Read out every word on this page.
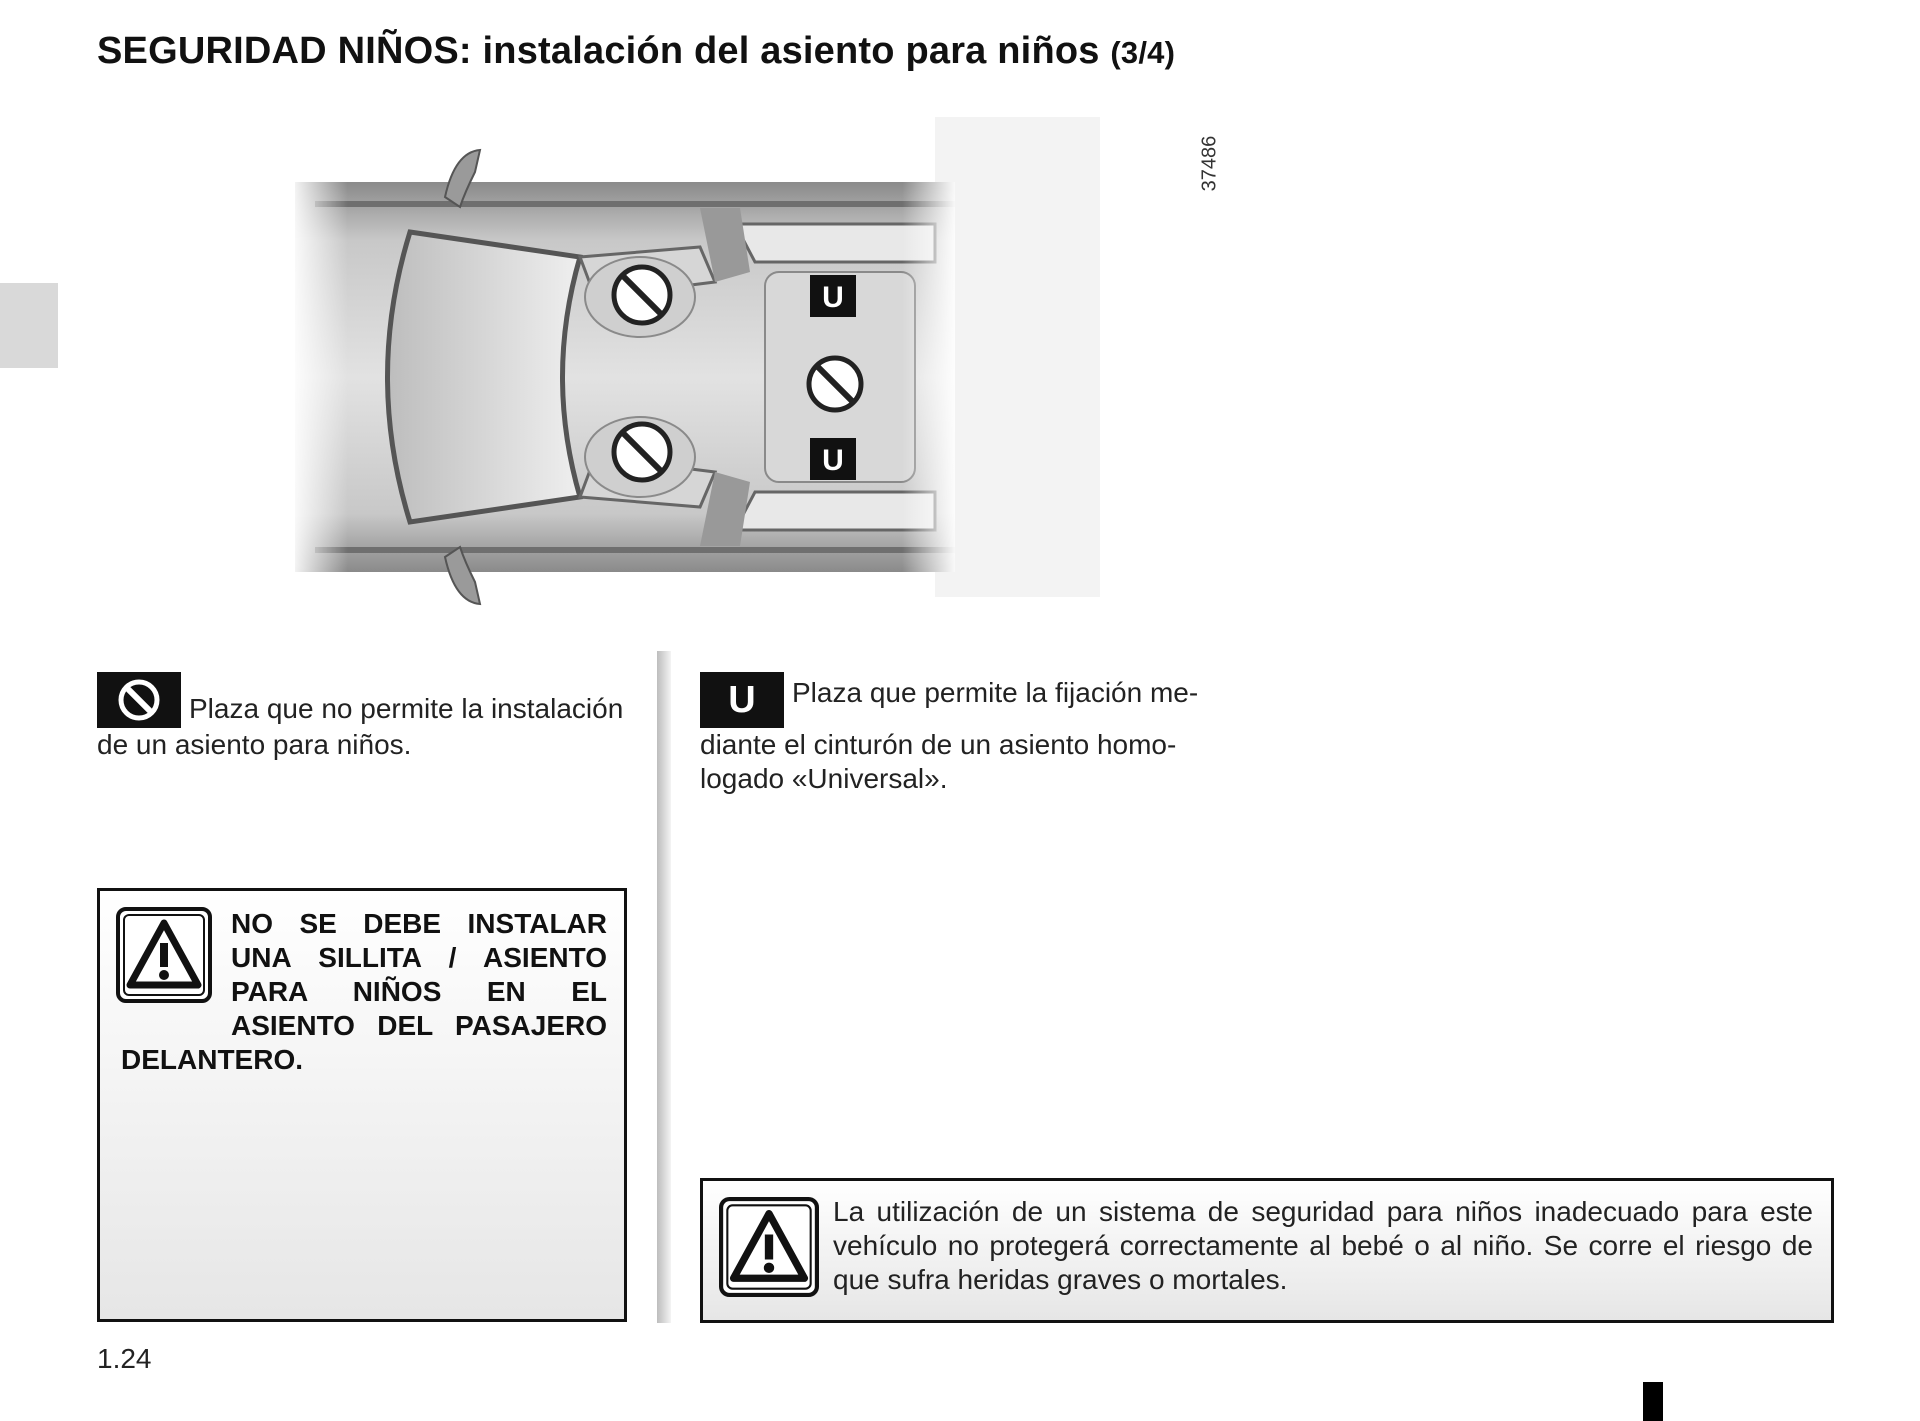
SEGURIDAD NIÑOS: instalación del asiento para niños (3/4)
U
U
37486
Plaza que no permite la instalación de un asiento para niños.
U Plaza que permite la fijación mediante el cinturón de un asiento homologado «Universal».
NO SE DEBE INSTALAR UNA SILLITA / ASIENTO PARA NIÑOS EN EL ASIENTO DEL PASAJERO DELANTERO.
La utilización de un sistema de seguridad para niños inadecuado para este vehículo no protegerá correctamente al bebé o al niño. Se corre el riesgo de que sufra heridas graves o mortales.
1.24
